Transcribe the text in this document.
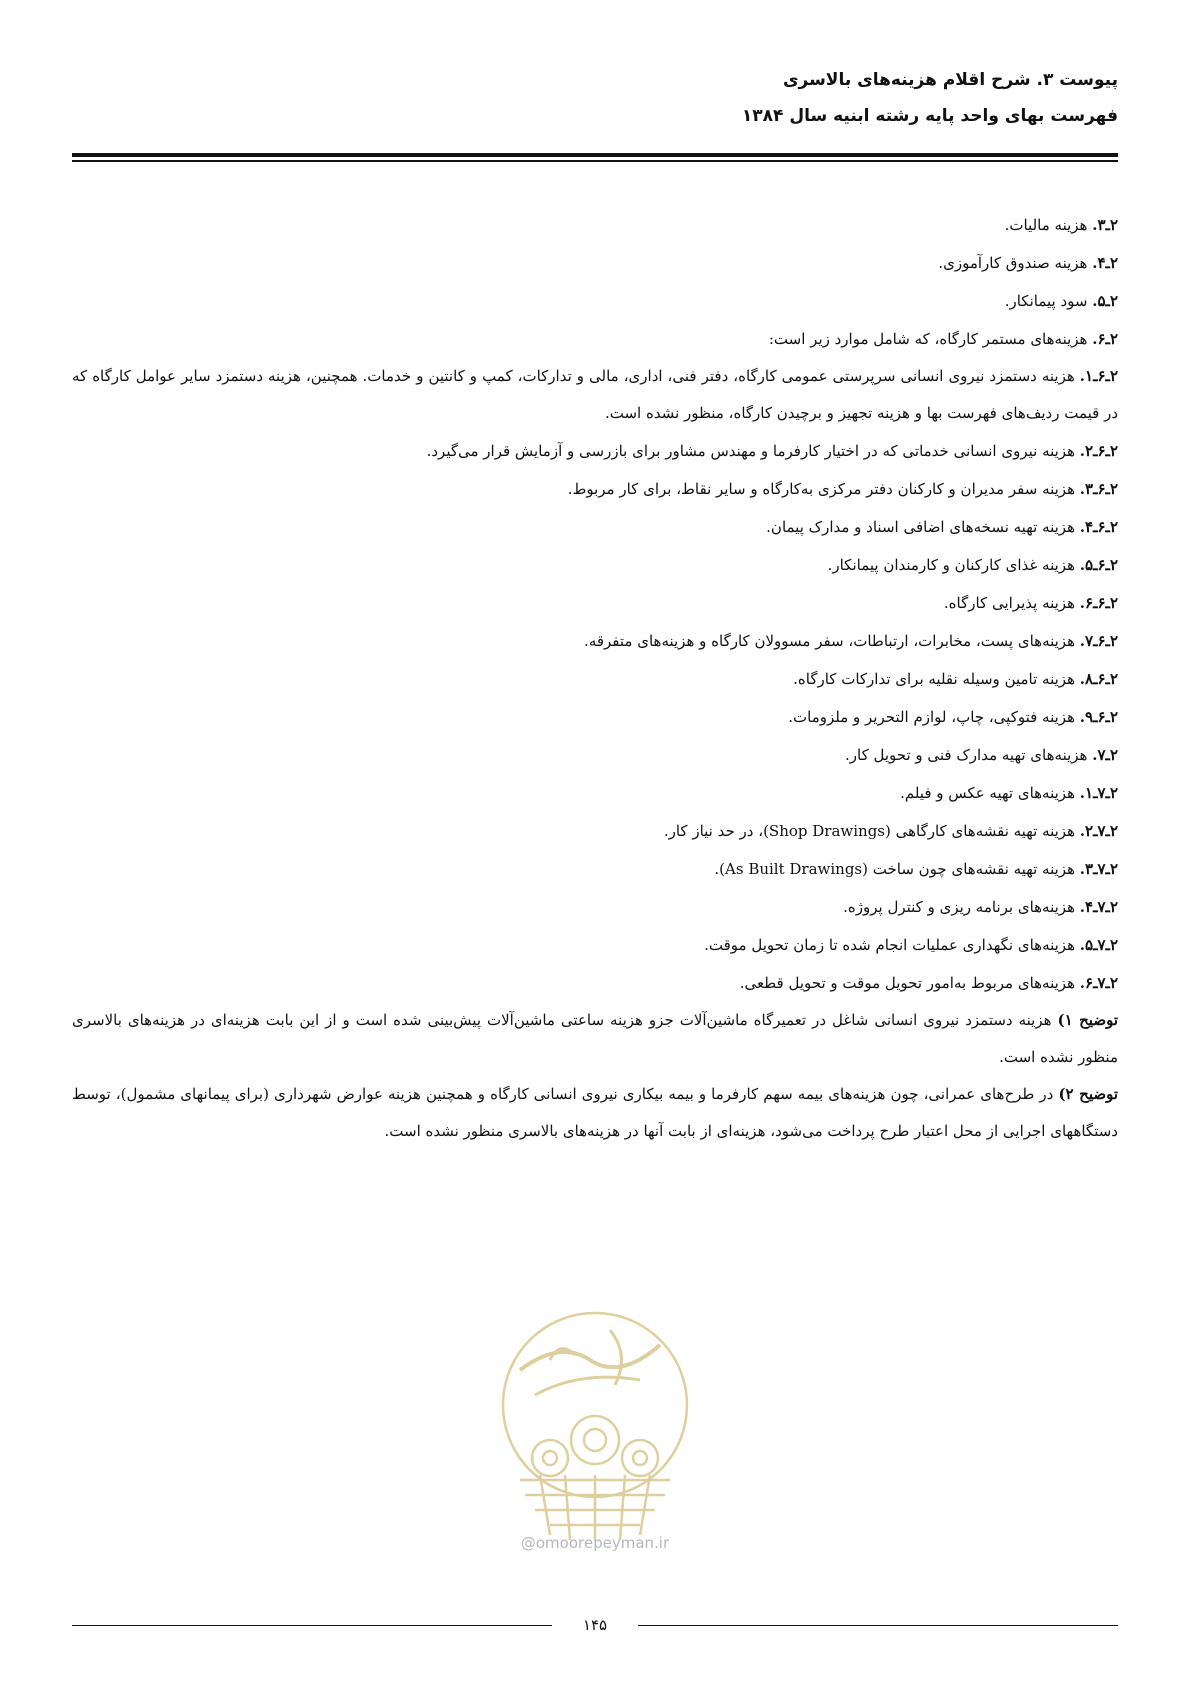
پیوست ۳. شرح اقلام هزینه‌های بالاسری
فهرست بهای واحد پایه رشته ابنیه سال ۱۳۸۴
۲ـ۳. هزینه مالیات.
۲ـ۴. هزینه صندوق کارآموزی.
۲ـ۵. سود پیمانکار.
۲ـ۶. هزینه‌های مستمر کارگاه، که شامل موارد زیر است:
۲ـ۶ـ۱. هزینه دستمزد نیروی انسانی سرپرستی عمومی کارگاه، دفتر فنی، اداری، مالی و تدارکات، کمپ و کانتین و خدمات. همچنین، هزینه دستمزد سایر عوامل کارگاه که در قیمت ردیف‌های فهرست بها و هزینه تجهیز و برچیدن کارگاه، منظور نشده است.
۲ـ۶ـ۲. هزینه نیروی انسانی خدماتی که در اختیار کارفرما و مهندس مشاور برای بازرسی و آزمایش قرار می‌گیرد.
۲ـ۶ـ۳. هزینه سفر مدیران و کارکنان دفتر مرکزی به‌کارگاه و سایر نقاط، برای کار مربوط.
۲ـ۶ـ۴. هزینه تهیه نسخه‌های اضافی اسناد و مدارک پیمان.
۲ـ۶ـ۵. هزینه غذای کارکنان و کارمندان پیمانکار.
۲ـ۶ـ۶. هزینه پذیرایی کارگاه.
۲ـ۶ـ۷. هزینه‌های پست، مخابرات، ارتباطات، سفر مسوولان کارگاه و هزینه‌های متفرقه.
۲ـ۶ـ۸. هزینه تامین وسیله نقلیه برای تدارکات کارگاه.
۲ـ۶ـ۹. هزینه فتوکپی، چاپ، لوازم التحریر و ملزومات.
۲ـ۷. هزینه‌های تهیه مدارک فنی و تحویل کار.
۲ـ۷ـ۱. هزینه‌های تهیه عکس و فیلم.
۲ـ۷ـ۲. هزینه تهیه نقشه‌های کارگاهی (Shop Drawings)، در حد نیاز کار.
۲ـ۷ـ۳. هزینه تهیه نقشه‌های چون ساخت (As Built Drawings).
۲ـ۷ـ۴. هزینه‌های برنامه ریزی و کنترل پروژه.
۲ـ۷ـ۵. هزینه‌های نگهداری عملیات انجام شده تا زمان تحویل موقت.
۲ـ۷ـ۶. هزینه‌های مربوط به‌امور تحویل موقت و تحویل قطعی.
توضیح ۱) هزینه دستمزد نیروی انسانی شاغل در تعمیرگاه ماشین‌آلات جزو هزینه ساعتی ماشین‌آلات پیش‌بینی شده است و از این بابت هزینه‌ای در هزینه‌های بالاسری منظور نشده است.
توضیح ۲) در طرح‌های عمرانی، چون هزینه‌های بیمه سهم کارفرما و بیمه بیکاری نیروی انسانی کارگاه و همچنین هزینه عوارض شهرداری (برای پیمانهای مشمول)، توسط دستگاههای اجرایی از محل اعتبار طرح پرداخت می‌شود، هزینه‌ای از بابت آنها در هزینه‌های بالاسری منظور نشده است.
@omoorepeyman.ir
۱۴۵
